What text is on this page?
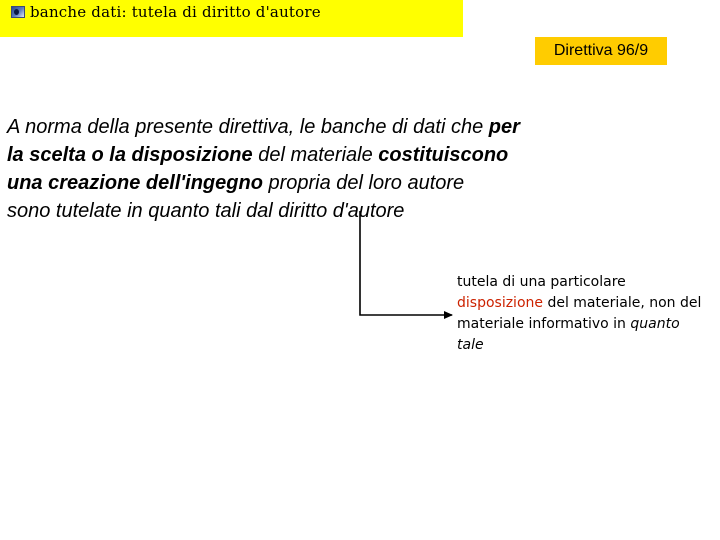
banche dati: tutela di diritto d'autore
Direttiva 96/9
A norma della presente direttiva, le banche di dati che per
la scelta o la disposizione del materiale costituiscono
una creazione dell'ingegno propria del loro autore
sono tutelate in quanto tali dal diritto d'autore
tutela di una particolare disposizione del materiale, non del materiale informativo in quanto tale
